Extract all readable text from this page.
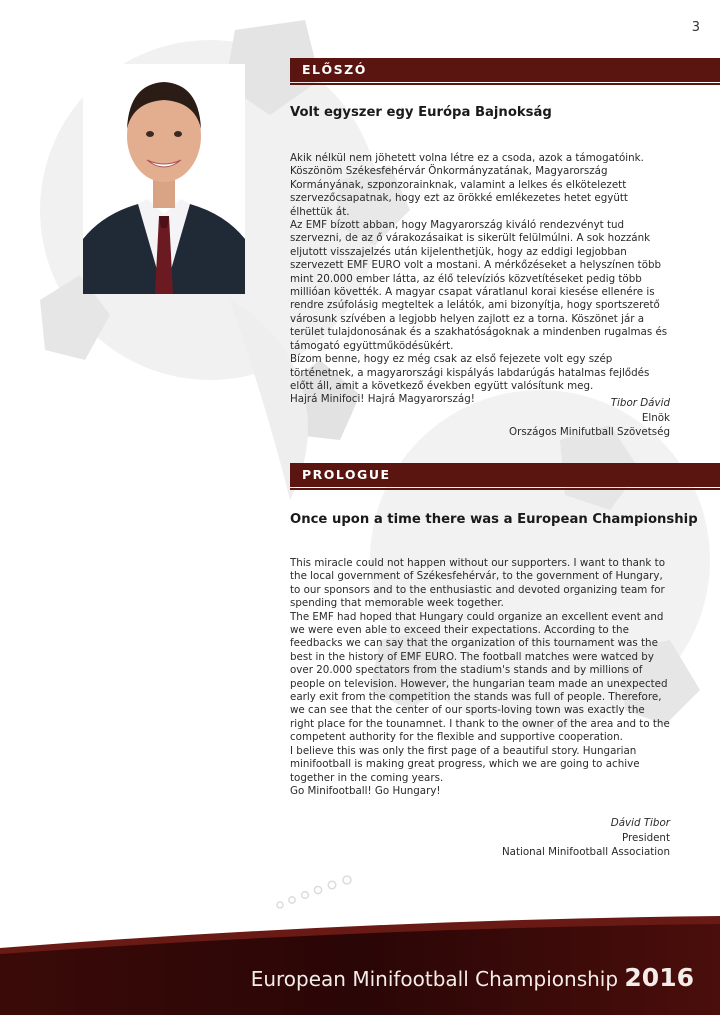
3
ELŐSZÓ
Volt egyszer egy Európa Bajnokság

Akik nélkül nem jöhetett volna létre ez a csoda, azok a támogatóink. Köszönöm Székesfehérvár Önkormányzatának, Magyarország Kormányának, szponzorainknak, valamint a lelkes és elkötelezett szervezőcsapatnak, hogy ezt az örökké emlékezetes hetet együtt élhettük át.

Az EMF bízott abban, hogy Magyarország kiváló rendezvényt tud szervezni, de az ő várakozásaikat is sikerült felülmúlni. A sok hozzánk eljutott visszajelzés után kijelenthetjük, hogy az eddigi legjobban szervezett EMF EURO volt a mostani. A mérkőzéseket a helyszínen több mint 20.000 ember látta, az élő televíziós közvetítéseket pedig több millióan követték. A magyar csapat váratlanul korai kiesése ellenére is rendre zsúfolásig megteltek a lelátók, ami bizonyítja, hogy sportszerető városunk szívében a legjobb helyen zajlott ez a torna. Köszönet jár a terület tulajdonosának és a szakhatóságoknak a mindenben rugalmas és támogató együttműködésükért.

Bízom benne, hogy ez még csak az első fejezete volt egy szép történetnek, a magyarországi kispályás labdarúgás hatalmas fejlődés előtt áll, amit a következő években együtt valósítunk meg.

Hajrá Minifoci! Hajrá Magyarország!	Tibor Dávid
Elnök
Országos Minifutball Szövetség
PROLOGUE
Once upon a time there was a European Championship

This miracle could not happen without our supporters. I want to thank to the local government of Székesfehérvár, to the government of Hungary, to our sponsors and to the enthusiastic and devoted organizing team for spending that memorable week together.

The EMF had hoped that Hungary could organize an excellent event and we were even able to exceed their expectations. According to the feedbacks we can say that the organization of this tournament was the best in the history of EMF EURO. The football matches were watced by over 20.000 spectators from the stadium's stands and by millions of people on television. However, the hungarian team made an unexpected early exit from the competition the stands was full of people. Therefore, we can see that the center of our sports-loving town was exactly the right place for the tounamnet. I thank to the owner of the area and to the competent authority for the flexible and supportive cooperation.

I believe this was only the first page of a beautiful story. Hungarian minifootball is making great progress, which we are going to achive together in the coming years.

Go Minifootball! Go Hungary!

Dávid Tibor
President
National Minifootball Association
European Minifootball Championship 2016
